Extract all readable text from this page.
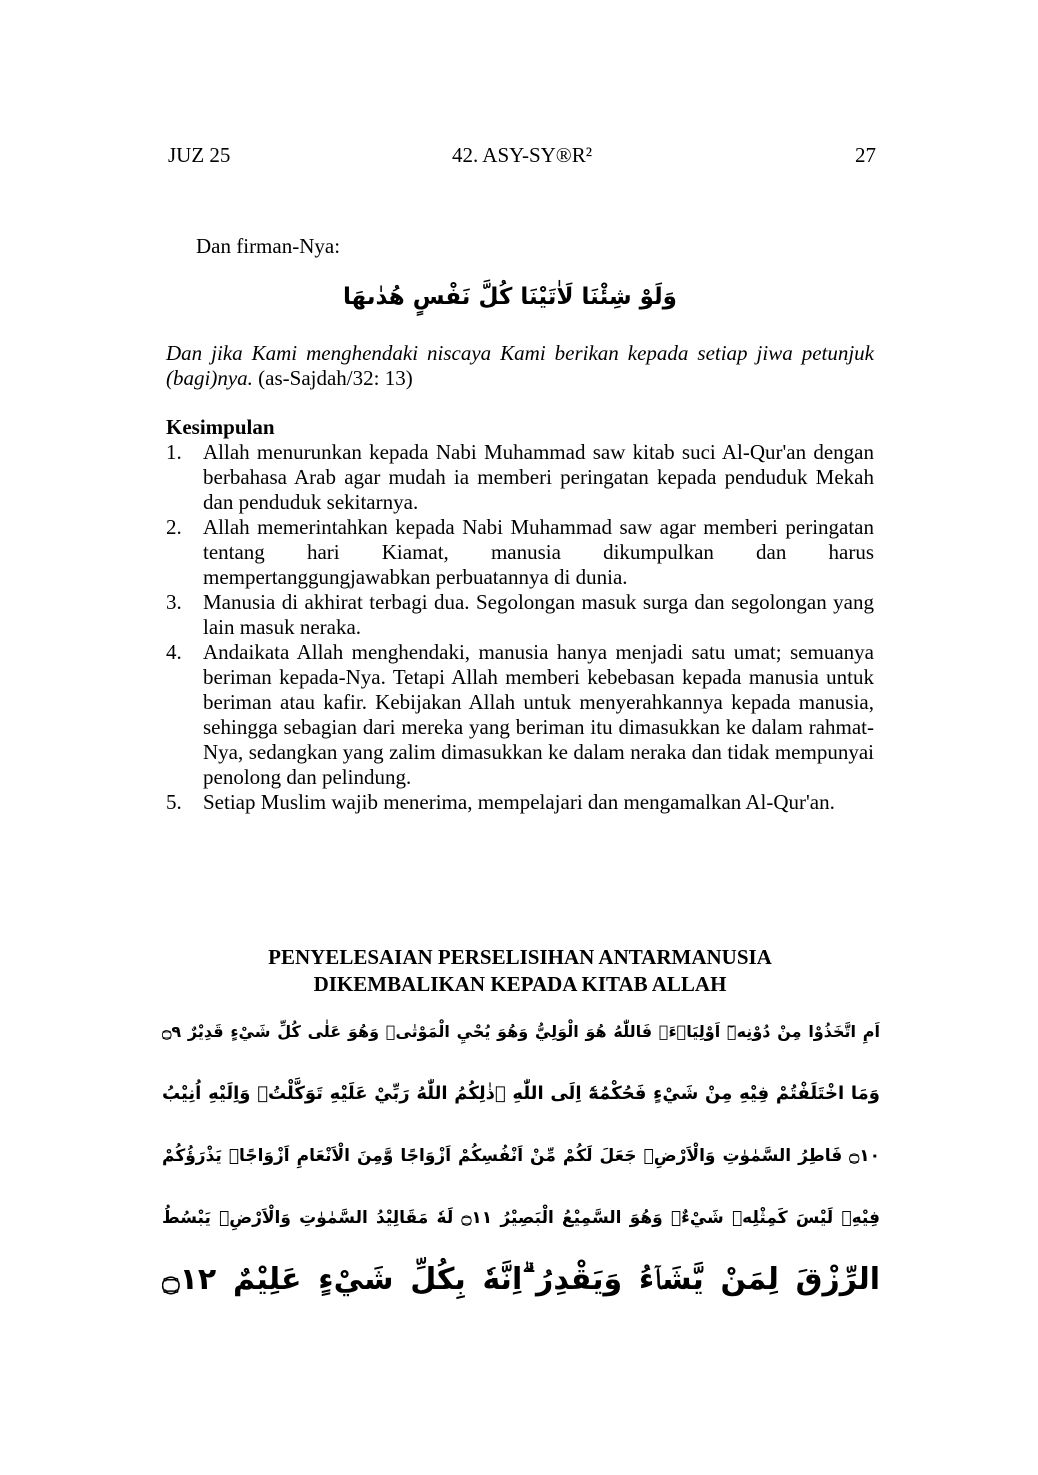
JUZ 25	42. ASY-SY®R²	27
Dan firman-Nya:
وَلَوْ شِئْنَا لَاٰتَيْنَا كُلَّ نَفْسٍ هُدٰىهَا
Dan jika Kami menghendaki niscaya Kami berikan kepada setiap jiwa petunjuk (bagi)nya. (as-Sajdah/32: 13)
Kesimpulan
1. Allah menurunkan kepada Nabi Muhammad saw kitab suci Al-Qur'an dengan berbahasa Arab agar mudah ia memberi peringatan kepada penduduk Mekah dan penduduk sekitarnya.
2. Allah memerintahkan kepada Nabi Muhammad saw agar memberi peringatan tentang hari Kiamat, manusia dikumpulkan dan harus mempertanggungjawabkan perbuatannya di dunia.
3. Manusia di akhirat terbagi dua. Segolongan masuk surga dan segolongan yang lain masuk neraka.
4. Andaikata Allah menghendaki, manusia hanya menjadi satu umat; semuanya beriman kepada-Nya. Tetapi Allah memberi kebebasan kepada manusia untuk beriman atau kafir. Kebijakan Allah untuk menyerahkannya kepada manusia, sehingga sebagian dari mereka yang beriman itu dimasukkan ke dalam rahmat-Nya, sedangkan yang zalim dimasukkan ke dalam neraka dan tidak mempunyai penolong dan pelindung.
5. Setiap Muslim wajib menerima, mempelajari dan mengamalkan Al-Qur'an.
PENYELESAIAN PERSELISIHAN ANTARMANUSIA
DIKEMBALIKAN KEPADA KITAB ALLAH
اَمِ اتَّخَذُوْا مِنْ دُوْنِهٖٓ اَوْلِيَاۤءَۚ فَاللّٰهُ هُوَ الْوَلِيُّ وَهُوَ يُحْيِ الْمَوْتٰىۖ وَهُوَ عَلٰى كُلِّ شَيْءٍ قَدِيْرٌ ۝٩
وَمَا اخْتَلَفْتُمْ فِيْهِ مِنْ شَيْءٍ فَحُكْمُهٗٓ اِلَى اللّٰهِ ۗذٰلِكُمُ اللّٰهُ رَبِّيْ عَلَيْهِ تَوَكَّلْتُۖ وَاِلَيْهِ اُنِيْبُ
۝١٠ فَاطِرُ السَّمٰوٰتِ وَالْاَرْضِۗ جَعَلَ لَكُمْ مِّنْ اَنْفُسِكُمْ اَزْوَاجًا وَّمِنَ الْاَنْعَامِ اَزْوَاجًاۚ يَذْرَؤُكُمْ
فِيْهِۗ لَيْسَ كَمِثْلِهٖ شَيْءٌۚ وَهُوَ السَّمِيْعُ الْبَصِيْرُ ۝١١ لَهٗ مَقَالِيْدُ السَّمٰوٰتِ وَالْاَرْضِۚ يَبْسُطُ
الرِّزْقَ لِمَنْ يَّشَاۤءُ وَيَقْدِرُ ۗاِنَّهٗ بِكُلِّ شَيْءٍ عَلِيْمٌ ۝١٢
